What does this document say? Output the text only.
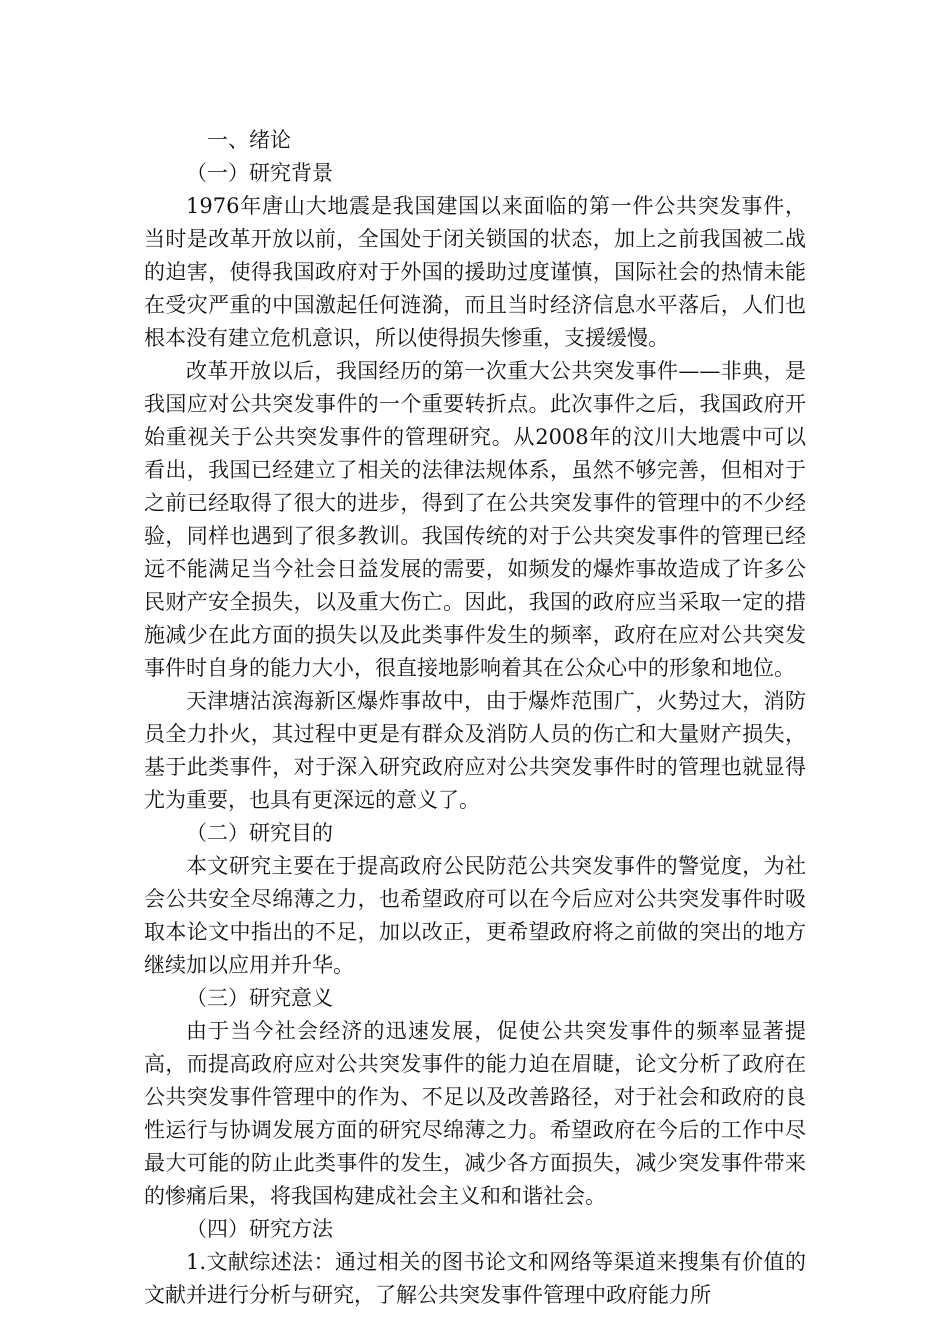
一、绪论

（一）研究背景

1976年唐山大地震是我国建国以来面临的第一件公共突发事件，当时是改革开放以前，全国处于闭关锁国的状态，加上之前我国被二战的迫害，使得我国政府对于外国的援助过度谨慎，国际社会的热情未能在受灾严重的中国激起任何涟漪，而且当时经济信息水平落后，人们也根本没有建立危机意识，所以使得损失惨重，支援缓慢。

改革开放以后，我国经历的第一次重大公共突发事件——非典，是我国应对公共突发事件的一个重要转折点。此次事件之后，我国政府开始重视关于公共突发事件的管理研究。从2008年的汶川大地震中可以看出，我国已经建立了相关的法律法规体系，虽然不够完善，但相对于之前已经取得了很大的进步，得到了在公共突发事件的管理中的不少经验，同样也遇到了很多教训。我国传统的对于公共突发事件的管理已经远不能满足当今社会日益发展的需要，如频发的爆炸事故造成了许多公民财产安全损失，以及重大伤亡。因此，我国的政府应当采取一定的措施减少在此方面的损失以及此类事件发生的频率，政府在应对公共突发事件时自身的能力大小，很直接地影响着其在公众心中的形象和地位。

天津塘沽滨海新区爆炸事故中，由于爆炸范围广，火势过大，消防员全力扑火，其过程中更是有群众及消防人员的伤亡和大量财产损失，基于此类事件，对于深入研究政府应对公共突发事件时的管理也就显得尤为重要，也具有更深远的意义了。

（二）研究目的

本文研究主要在于提高政府公民防范公共突发事件的警觉度，为社会公共安全尽绵薄之力，也希望政府可以在今后应对公共突发事件时吸取本论文中指出的不足，加以改正，更希望政府将之前做的突出的地方继续加以应用并升华。

（三）研究意义

由于当今社会经济的迅速发展，促使公共突发事件的频率显著提高，而提高政府应对公共突发事件的能力迫在眉睫，论文分析了政府在公共突发事件管理中的作为、不足以及改善路径，对于社会和政府的良性运行与协调发展方面的研究尽绵薄之力。希望政府在今后的工作中尽最大可能的防止此类事件的发生，减少各方面损失，减少突发事件带来的惨痛后果，将我国构建成社会主义和和谐社会。

（四）研究方法

1.文献综述法：通过相关的图书论文和网络等渠道来搜集有价值的文献并进行分析与研究，了解公共突发事件管理中政府能力所
